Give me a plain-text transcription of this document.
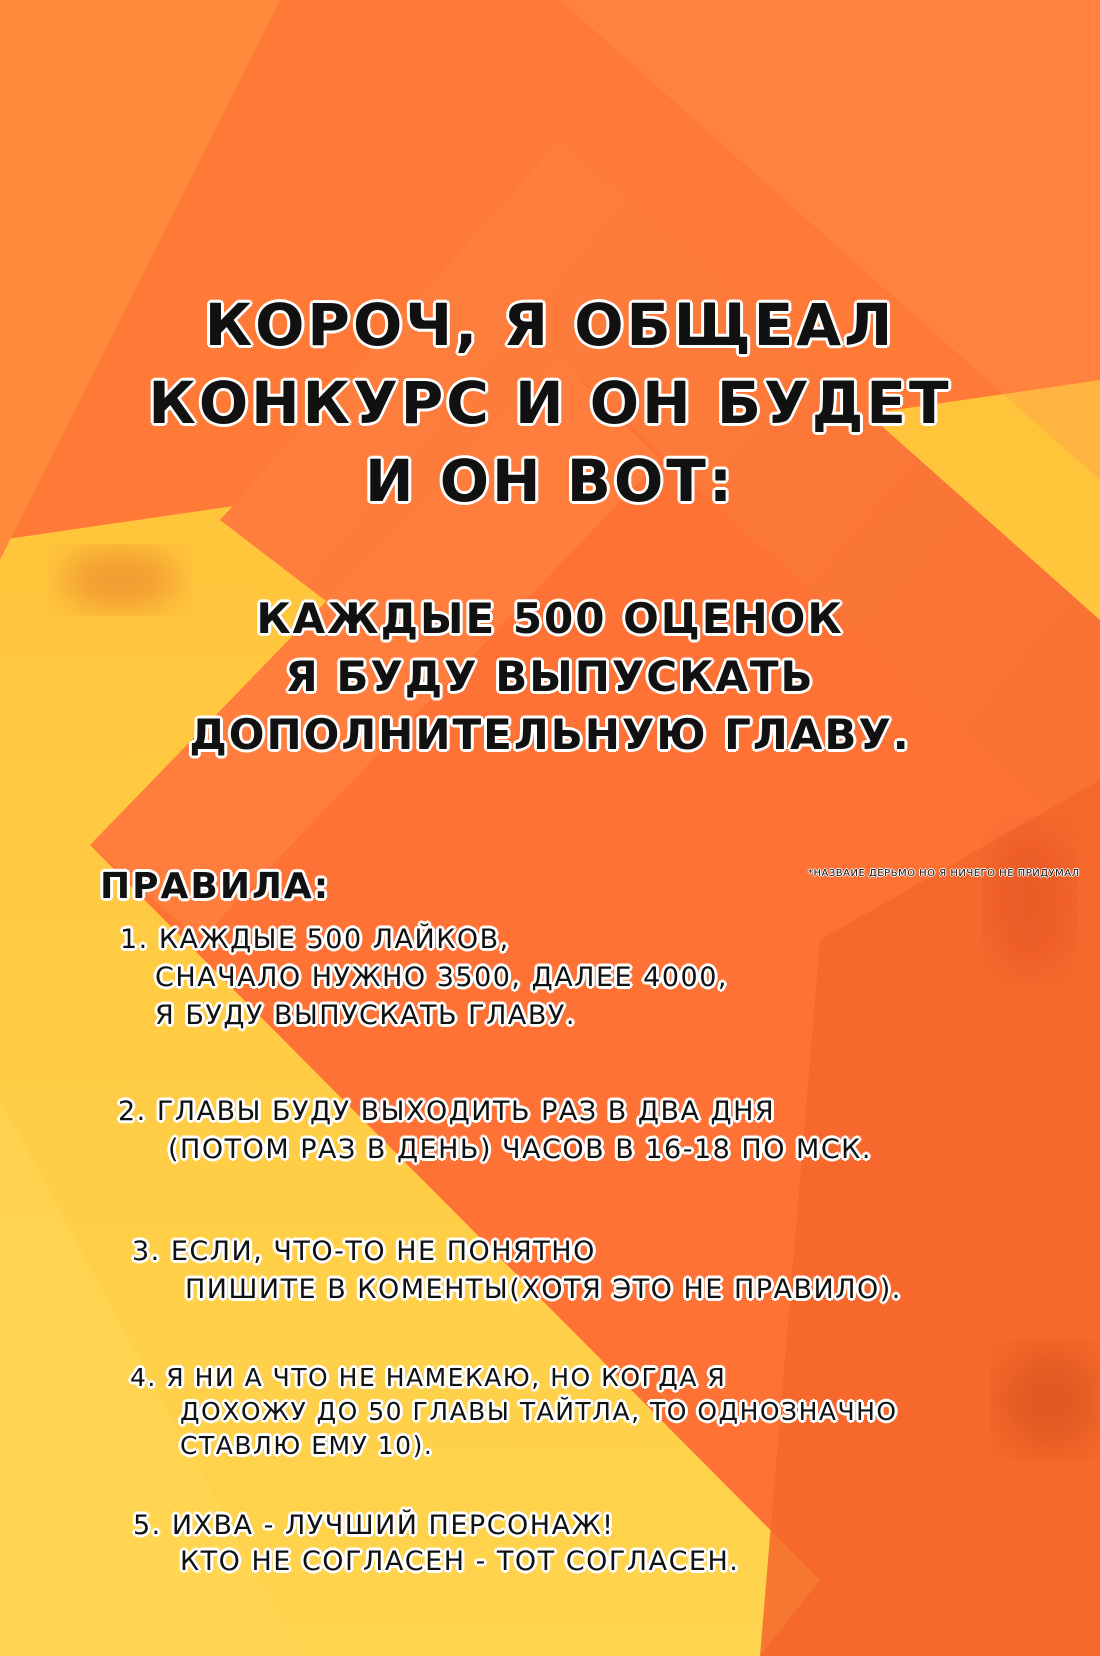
КОРОЧ, Я ОБЩЕАЛ
КОНКУРС И ОН БУДЕТ
И ОН ВОТ:

КАЖДЫЕ 500 ОЦЕНОК

Я БУДУ ВЫПУСКАТЬ

ДОПОЛНИТЕЛЬНУЮ ГЛАВУ.

ПРАВИЛА:	*НАЗВAИЕ ДЕРЬМО НО Я НИЧЕГО НЕ ПРИДУМАЛ

1. КАЖДЫЕ 500 ЛАЙКОВ,

СНАЧАЛО НУЖНО 3500, ДАЛЕЕ 4000,

Я БУДУ ВЫПУСКАТЬ ГЛАВУ.

2. ГЛАВЫ БУДУ ВЫХОДИТЬ РАЗ В ДВА ДНЯ

(ПОТОМ РАЗ В ДЕНЬ) ЧАСОВ В 16-18 ПО МСК.

3. ЕСЛИ, ЧТО-ТО НЕ ПОНЯТНО

ПИШИТЕ В КОМЕНТЫ(ХОТЯ ЭТО НЕ ПРАВИЛО).

4. Я НИ А ЧТО НЕ НАМЕКАЮ, НО КОГДА Я

ДОХОЖУ ДО 50 ГЛАВЫ ТАЙТЛА, ТО ОДНОЗНАЧНО

СТАВЛЮ ЕМУ 10).

5. ИХВА - ЛУЧШИЙ ПЕРСОНАЖ!

КТО НЕ СОГЛАСЕН - ТОТ СОГЛАСЕН.
